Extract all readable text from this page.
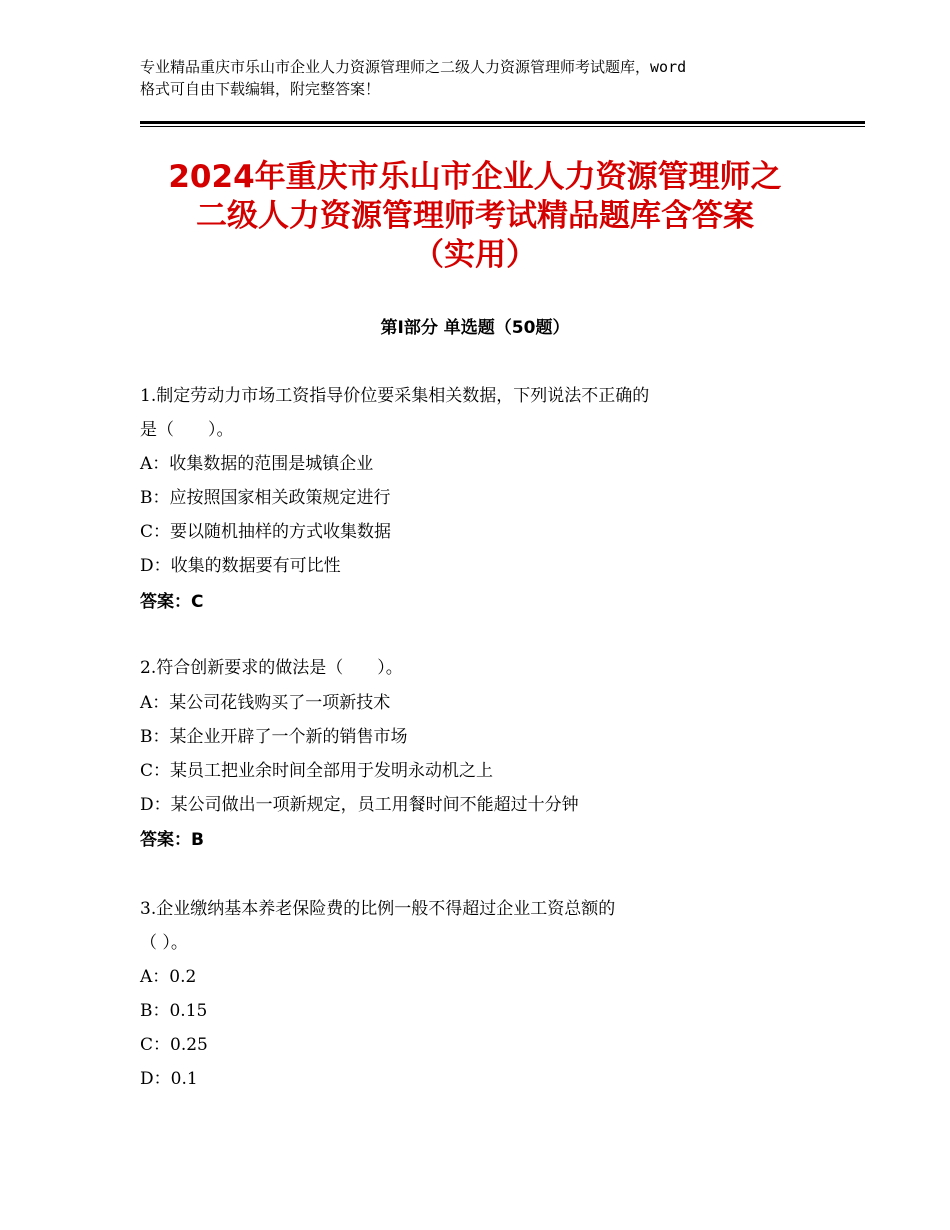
专业精品重庆市乐山市企业人力资源管理师之二级人力资源管理师考试题库，word
格式可自由下载编辑，附完整答案！
2024年重庆市乐山市企业人力资源管理师之
二级人力资源管理师考试精品题库含答案
（实用）
第Ⅰ部分 单选题（50题）
1.制定劳动力市场工资指导价位要采集相关数据，下列说法不正确的
是（　　）。
A：收集数据的范围是城镇企业
B：应按照国家相关政策规定进行
C：要以随机抽样的方式收集数据
D：收集的数据要有可比性
答案：C
2.符合创新要求的做法是（　　）。
A：某公司花钱购买了一项新技术
B：某企业开辟了一个新的销售市场
C：某员工把业余时间全部用于发明永动机之上
D：某公司做出一项新规定，员工用餐时间不能超过十分钟
答案：B
3.企业缴纳基本养老保险费的比例一般不得超过企业工资总额的
（ ）。
A：0.2
B：0.15
C：0.25
D：0.1
